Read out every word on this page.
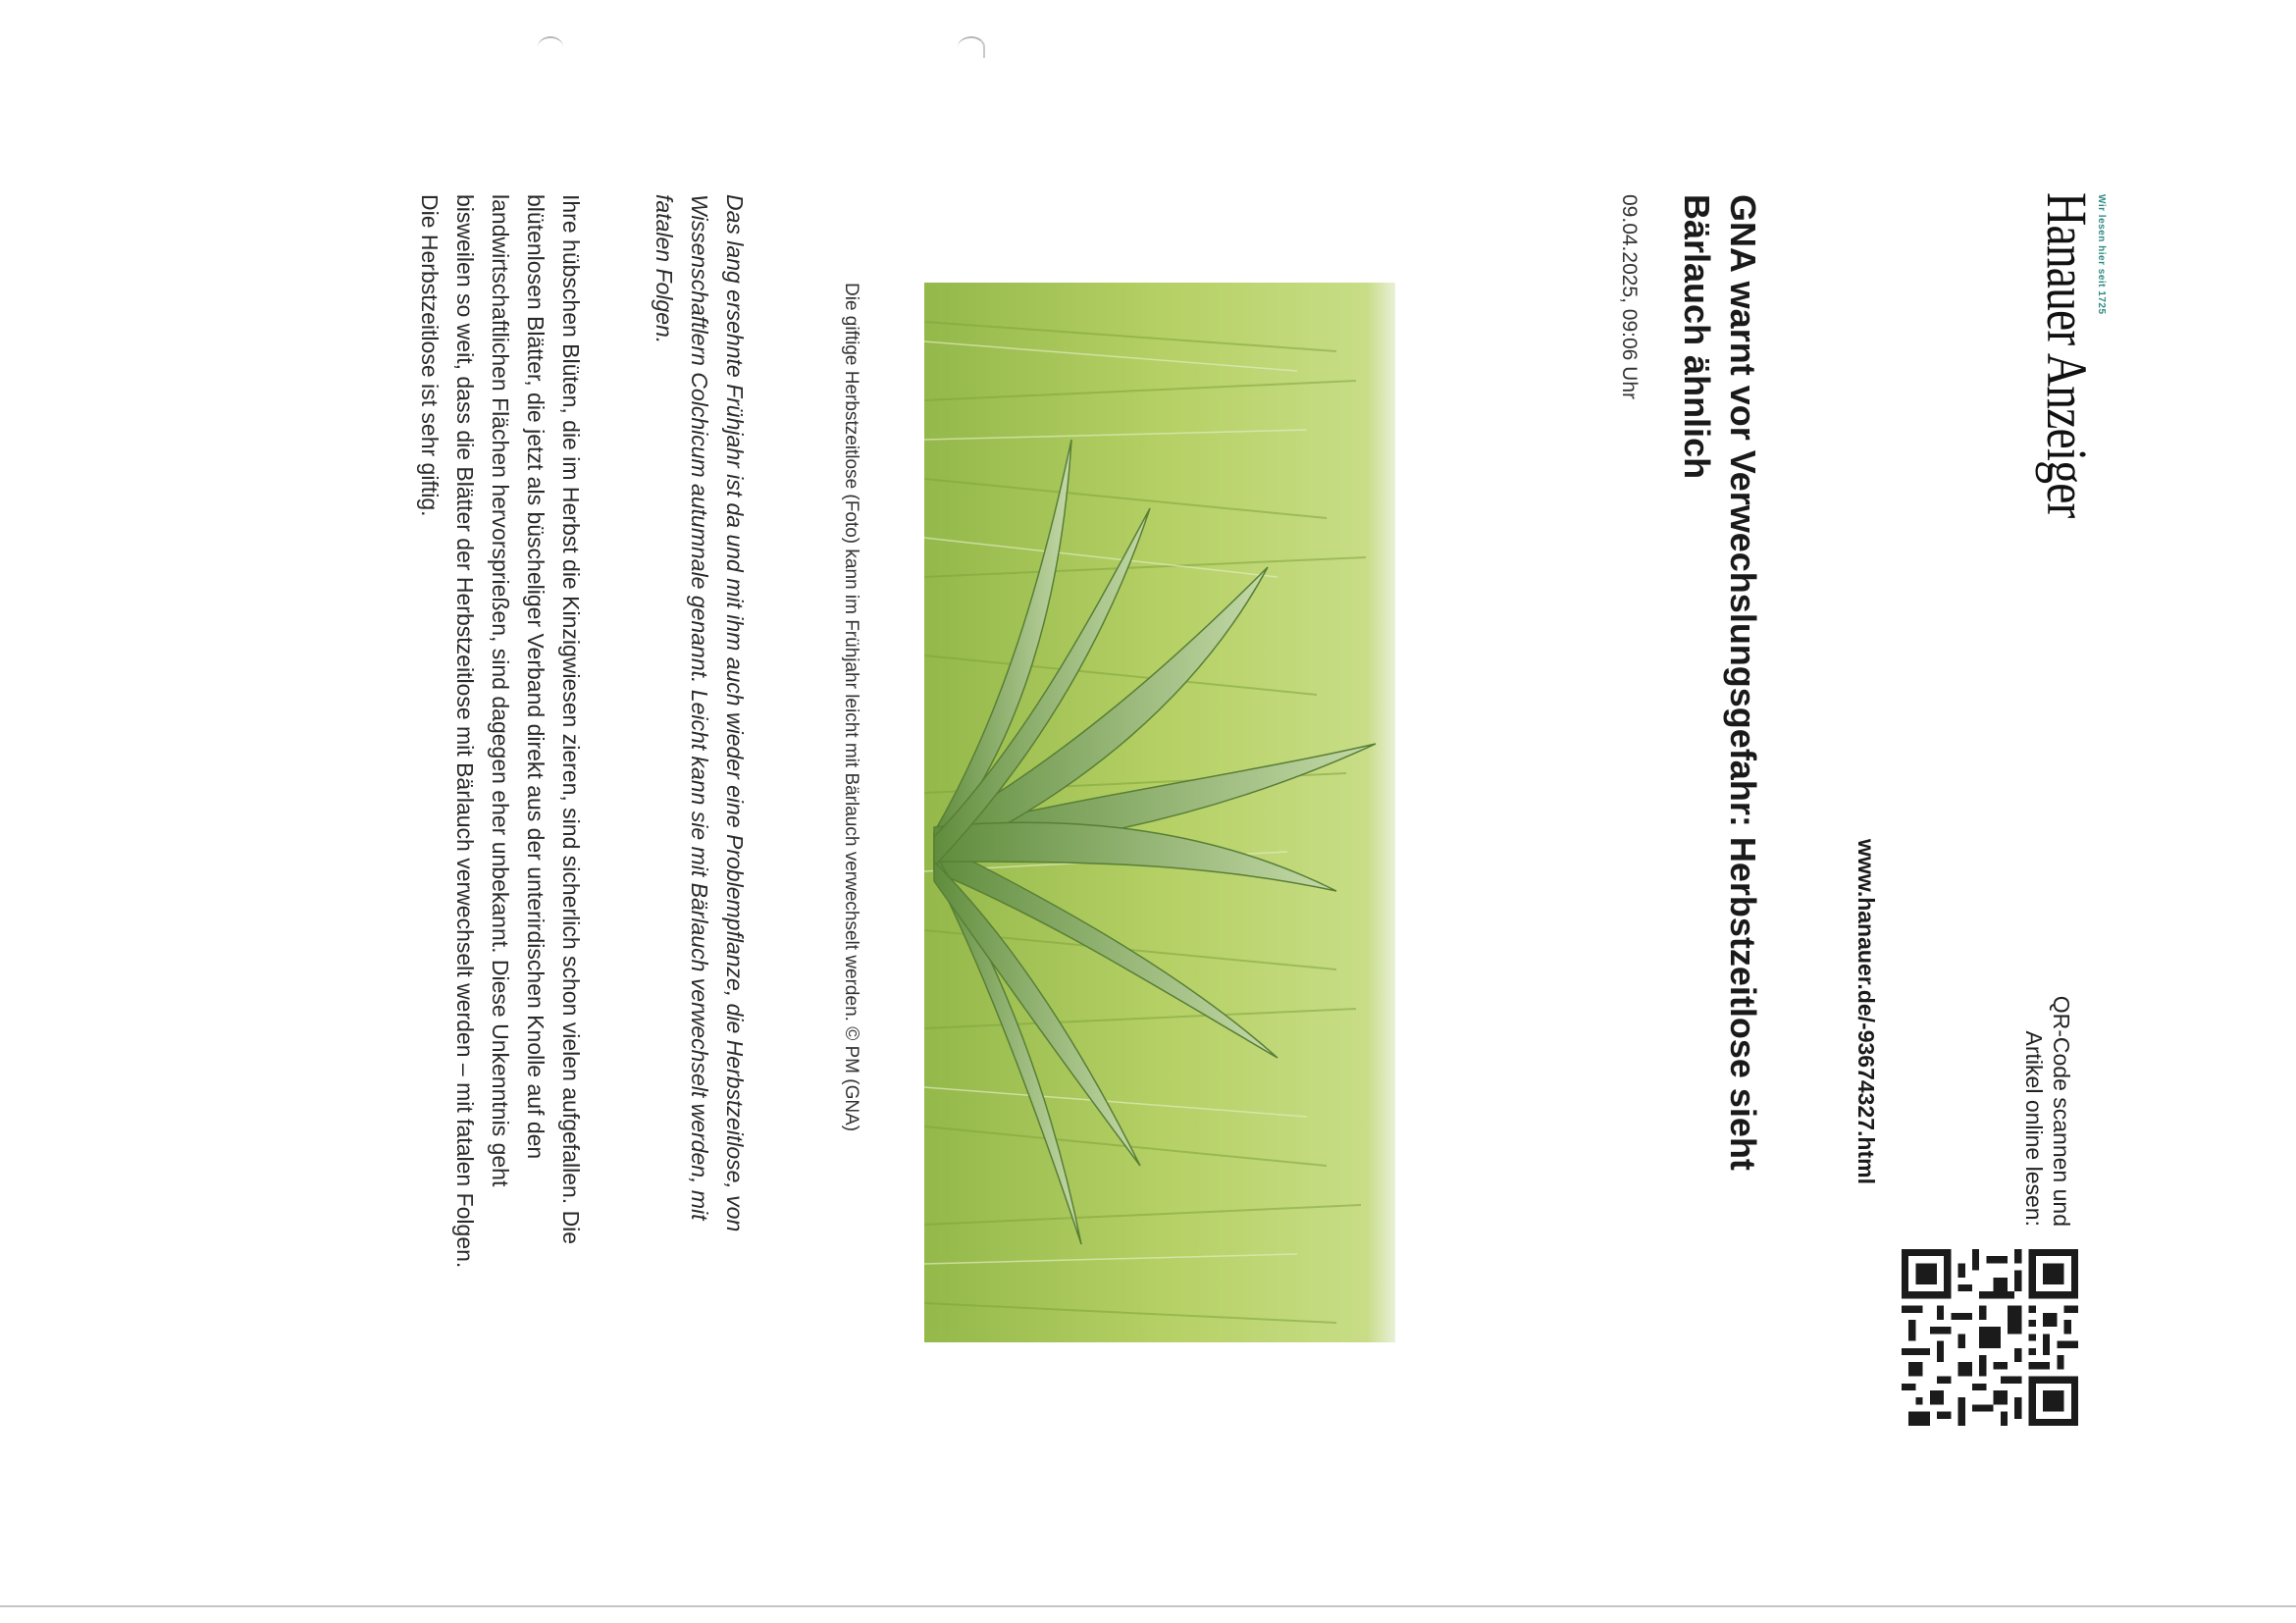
Wir lesen hier seit 1725
Hanauer Anzeiger
QR-Code scannen und Artikel online lesen:
www.hanauer.de/-93674327.html
GNA warnt vor Verwechslungsgefahr: Herbstzeitlose sieht Bärlauch ähnlich
09.04.2025, 09:06 Uhr
Die giftige Herbstzeitlose (Foto) kann im Frühjahr leicht mit Bärlauch verwechselt werden. © PM (GNA)
Das lang ersehnte Frühjahr ist da und mit ihm auch wieder eine Problempflanze, die Herbstzeitlose, von Wissenschaftlern Colchicum autumnale genannt. Leicht kann sie mit Bärlauch verwechselt werden, mit fatalen Folgen.
Ihre hübschen Blüten, die im Herbst die Kinzigwiesen zieren, sind sicherlich schon vielen aufgefallen. Die blütenlosen Blätter, die jetzt als büscheliger Verband direkt aus der unterirdischen Knolle auf den landwirtschaftlichen Flächen hervorsprießen, sind dagegen eher unbekannt. Diese Unkenntnis geht bisweilen so weit, dass die Blätter der Herbstzeitlose mit Bärlauch verwechselt werden – mit fatalen Folgen. Die Herbstzeitlose ist sehr giftig.
